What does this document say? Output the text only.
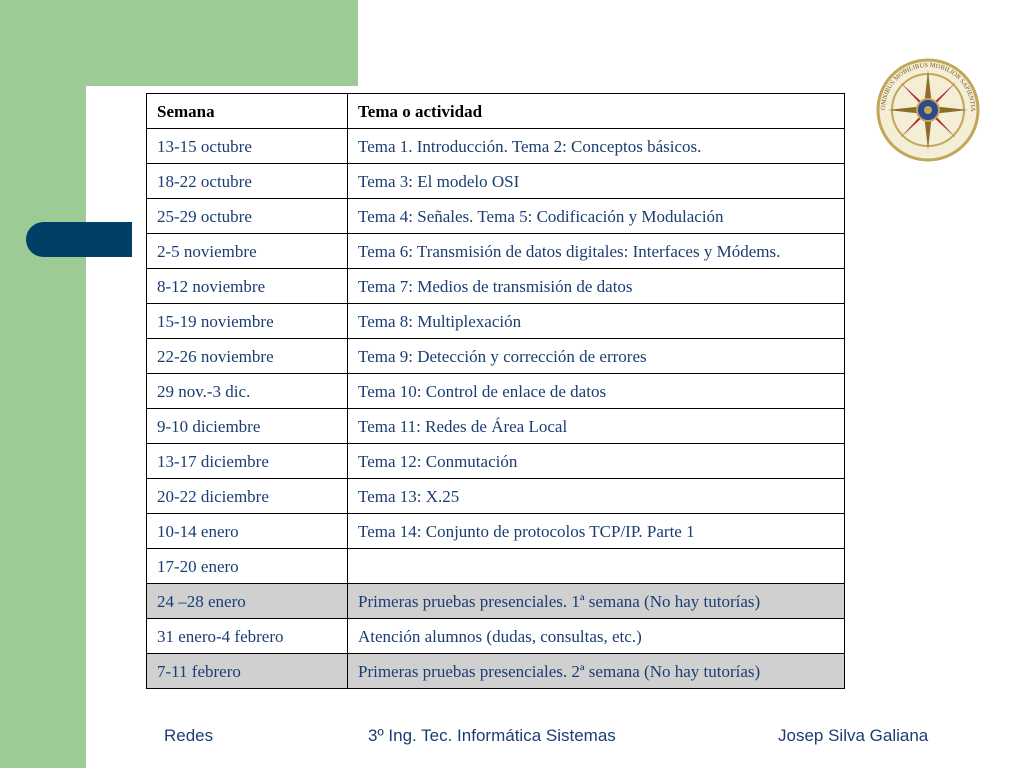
OMNIBUS MOBILIBUS MOBILIOR SAPIENTIA
Semana	Tema o actividad
13-15 octubre	Tema 1. Introducción. Tema 2: Conceptos básicos.
18-22 octubre	Tema 3: El modelo OSI
25-29 octubre	Tema 4: Señales. Tema 5: Codificación y Modulación
2-5 noviembre	Tema 6: Transmisión de datos digitales: Interfaces y Módems.
8-12 noviembre	Tema 7: Medios de transmisión de datos
15-19 noviembre	Tema 8: Multiplexación
22-26 noviembre	Tema 9: Detección y corrección de errores
29 nov.-3 dic.	Tema 10: Control de enlace de datos
9-10 diciembre	Tema 11: Redes de Área Local
13-17 diciembre	Tema 12: Conmutación
20-22 diciembre	Tema 13: X.25
10-14 enero	Tema 14: Conjunto de protocolos TCP/IP. Parte 1
17-20 enero	
24 –28 enero	Primeras pruebas presenciales. 1ª semana (No hay tutorías)
31 enero-4 febrero	Atención alumnos (dudas, consultas, etc.)
7-11 febrero	Primeras pruebas presenciales. 2ª semana (No hay tutorías)
Redes	3º Ing. Tec. Informática Sistemas	Josep Silva Galiana
